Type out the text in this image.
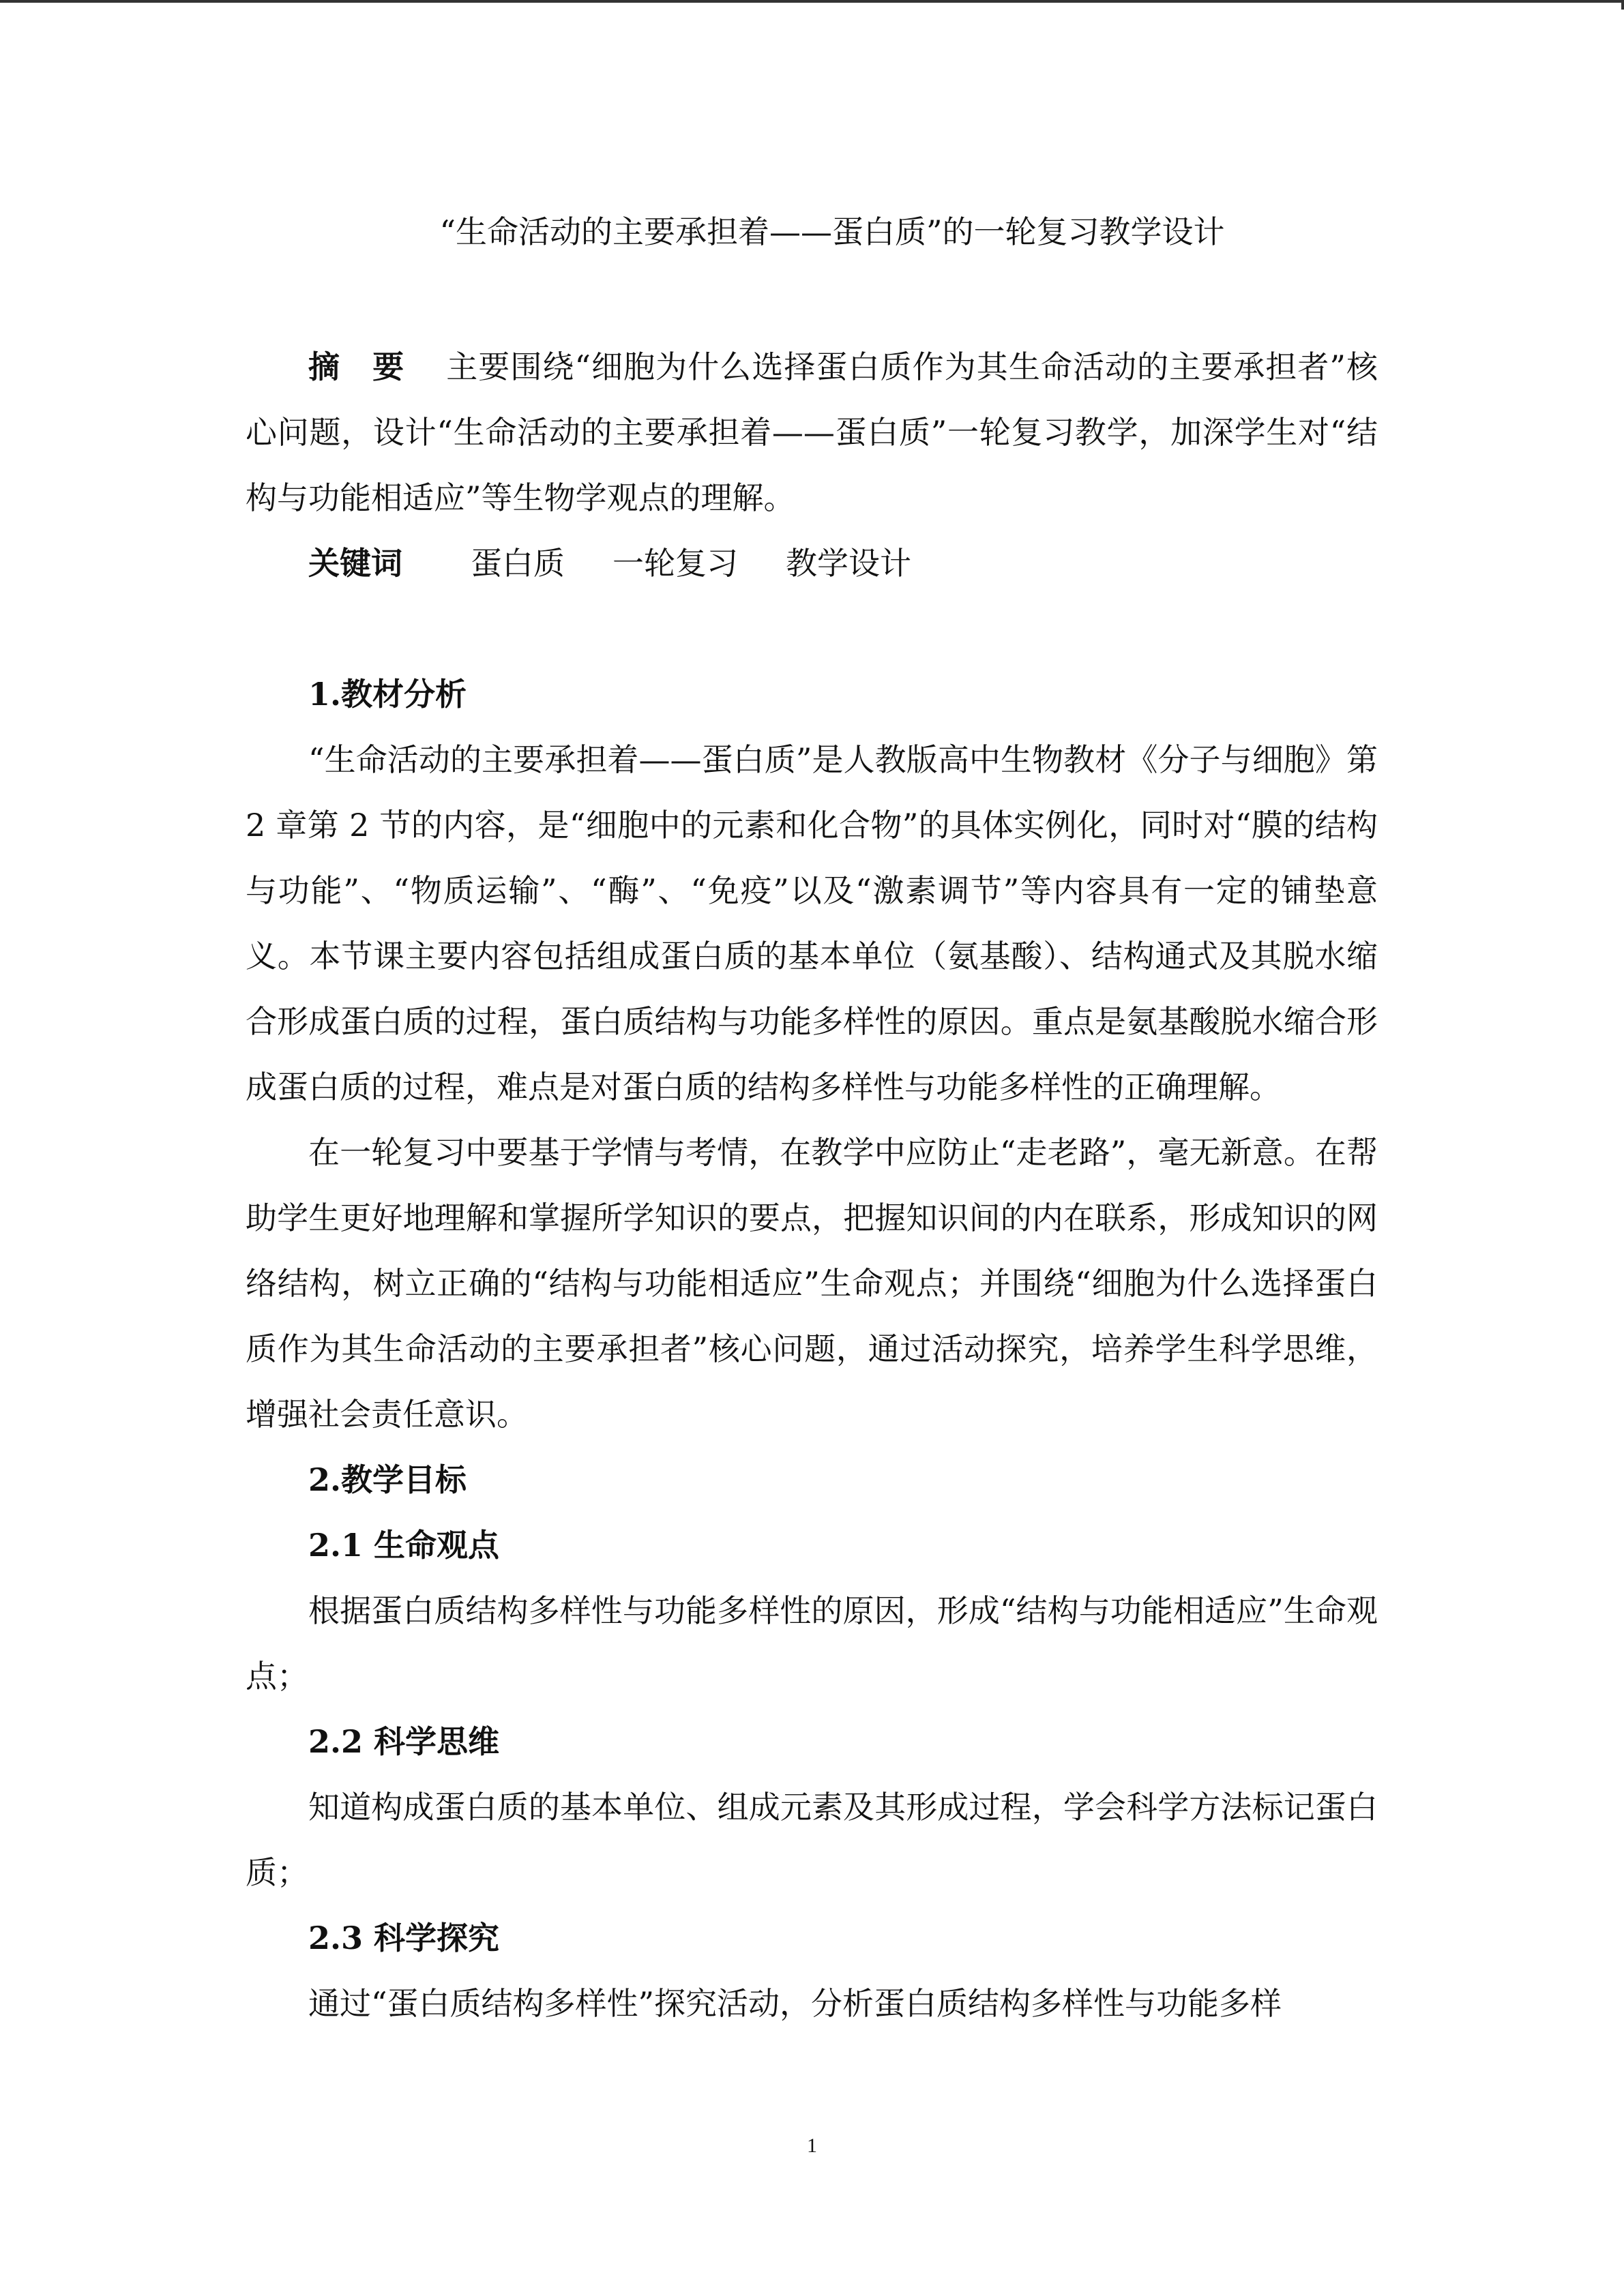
“生命活动的主要承担着——蛋白质”的一轮复习教学设计

摘　要 主要围绕“细胞为什么选择蛋白质作为其生命活动的主要承担者”核心问题，设计“生命活动的主要承担着——蛋白质”一轮复习教学，加深学生对“结构与功能相适应”等生物学观点的理解。

关键词 蛋白质 一轮复习 教学设计

1.教材分析

“生命活动的主要承担着——蛋白质”是人教版高中生物教材《分子与细胞》第 2 章第 2 节的内容，是“细胞中的元素和化合物”的具体实例化，同时对“膜的结构与功能”、“物质运输”、“酶”、“免疫”以及“激素调节”等内容具有一定的铺垫意义。本节课主要内容包括组成蛋白质的基本单位（氨基酸）、结构通式及其脱水缩合形成蛋白质的过程，蛋白质结构与功能多样性的原因。重点是氨基酸脱水缩合形成蛋白质的过程，难点是对蛋白质的结构多样性与功能多样性的正确理解。

在一轮复习中要基于学情与考情，在教学中应防止“走老路”，毫无新意。在帮助学生更好地理解和掌握所学知识的要点，把握知识间的内在联系，形成知识的网络结构，树立正确的“结构与功能相适应”生命观点；并围绕“细胞为什么选择蛋白质作为其生命活动的主要承担者”核心问题，通过活动探究，培养学生科学思维，增强社会责任意识。

2.教学目标
2.1 生命观点

根据蛋白质结构多样性与功能多样性的原因，形成“结构与功能相适应”生命观点；

2.2 科学思维

知道构成蛋白质的基本单位、组成元素及其形成过程，学会科学方法标记蛋白质；

2.3 科学探究

通过“蛋白质结构多样性”探究活动，分析蛋白质结构多样性与功能多样

1
